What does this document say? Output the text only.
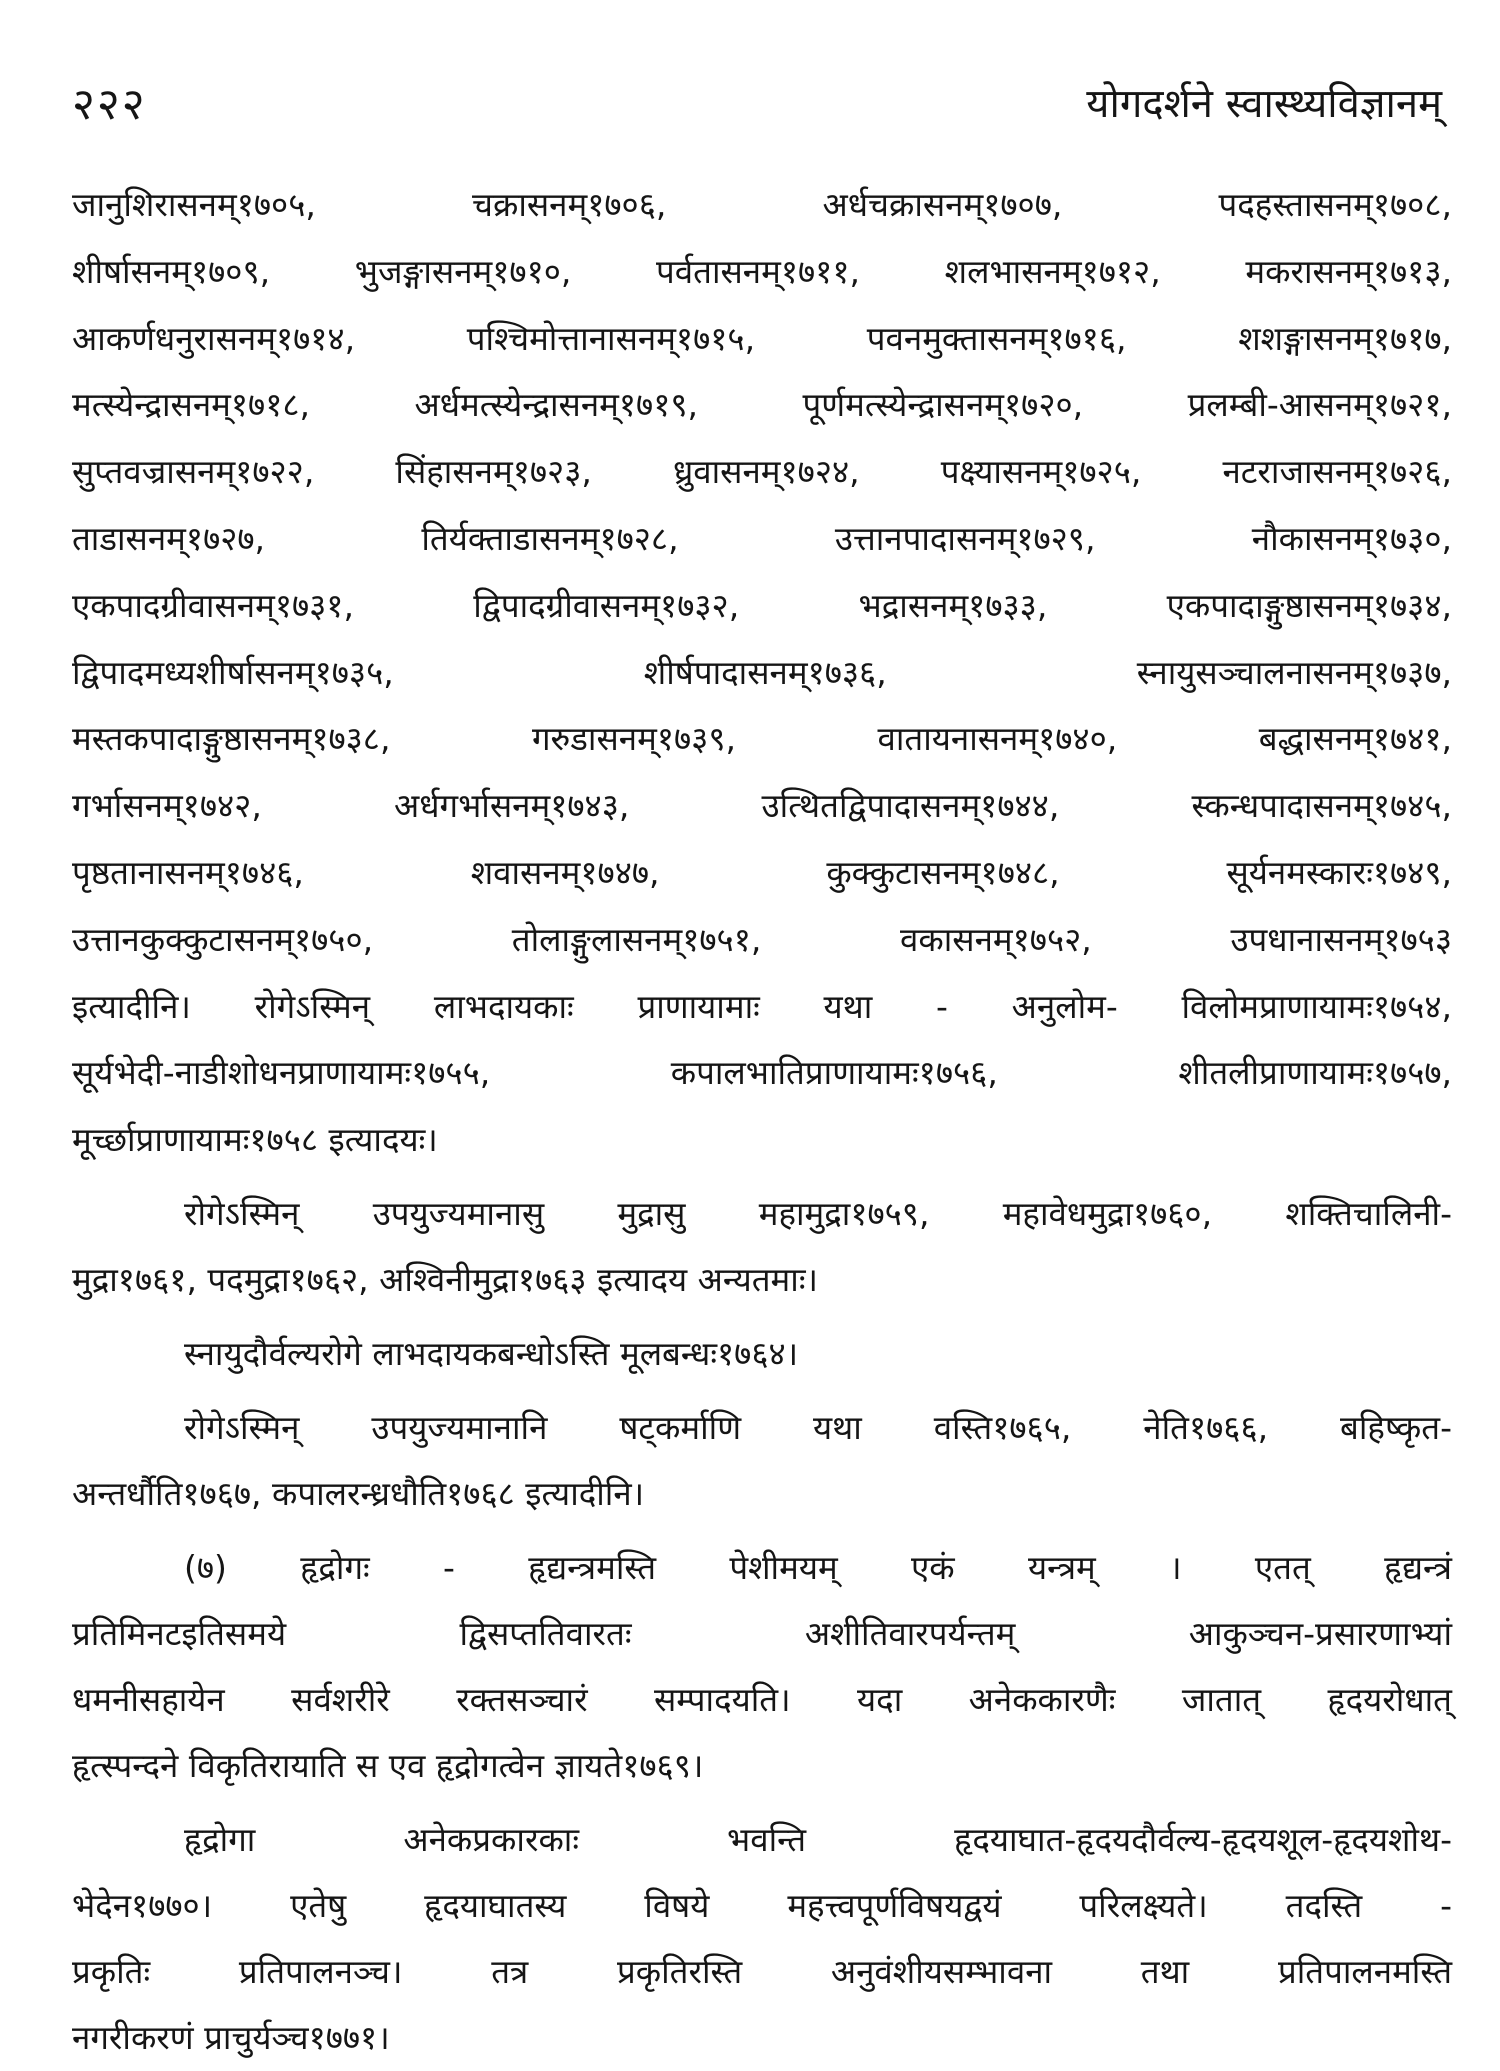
२२२	योगदर्शने स्वास्थ्यविज्ञानम्
जानुशिरासनम्१७०५, चक्रासनम्१७०६, अर्धचक्रासनम्१७०७, पदहस्तासनम्१७०८,
शीर्षासनम्१७०९, भुजङ्गासनम्१७१०, पर्वतासनम्१७११, शलभासनम्१७१२, मकरासनम्१७१३,
आकर्णधनुरासनम्१७१४, पश्चिमोत्तानासनम्१७१५, पवनमुक्तासनम्१७१६, शशङ्गासनम्१७१७,
मत्स्येन्द्रासनम्१७१८, अर्धमत्स्येन्द्रासनम्१७१९, पूर्णमत्स्येन्द्रासनम्१७२०, प्रलम्बी-आसनम्१७२१,
सुप्तवज्रासनम्१७२२, सिंहासनम्१७२३, ध्रुवासनम्१७२४, पक्ष्यासनम्१७२५, नटराजासनम्१७२६,
ताडासनम्१७२७, तिर्यक्ताडासनम्१७२८, उत्तानपादासनम्१७२९, नौकासनम्१७३०,
एकपादग्रीवासनम्१७३१, द्विपादग्रीवासनम्१७३२, भद्रासनम्१७३३, एकपादाङ्गुष्ठासनम्१७३४,
द्विपादमध्यशीर्षासनम्१७३५, शीर्षपादासनम्१७३६, स्नायुसञ्चालनासनम्१७३७,
मस्तकपादाङ्गुष्ठासनम्१७३८, गरुडासनम्१७३९, वातायनासनम्१७४०, बद्धासनम्१७४१,
गर्भासनम्१७४२, अर्धगर्भासनम्१७४३, उत्थितद्विपादासनम्१७४४, स्कन्धपादासनम्१७४५,
पृष्ठतानासनम्१७४६, शवासनम्१७४७, कुक्कुटासनम्१७४८, सूर्यनमस्कारः१७४९,
उत्तानकुक्कुटासनम्१७५०, तोलाङ्गुलासनम्१७५१, वकासनम्१७५२, उपधानासनम्१७५३
इत्यादीनि। रोगेऽस्मिन् लाभदायकाः प्राणायामाः यथा - अनुलोम- विलोमप्राणायामः१७५४,
सूर्यभेदी-नाडीशोधनप्राणायामः१७५५, कपालभातिप्राणायामः१७५६, शीतलीप्राणायामः१७५७,
मूर्च्छाप्राणायामः१७५८ इत्यादयः।
रोगेऽस्मिन् उपयुज्यमानासु मुद्रासु महामुद्रा१७५९, महावेधमुद्रा१७६०, शक्तिचालिनी-
मुद्रा१७६१, पदमुद्रा१७६२, अश्विनीमुद्रा१७६३ इत्यादय अन्यतमाः।
स्नायुदौर्वल्यरोगे लाभदायकबन्धोऽस्ति मूलबन्धः१७६४।
रोगेऽस्मिन् उपयुज्यमानानि षट्कर्माणि यथा वस्ति१७६५, नेति१७६६, बहिष्कृत-
अन्तर्धौति१७६७, कपालरन्ध्रधौति१७६८ इत्यादीनि।
(७) हृद्रोगः - हृद्यन्त्रमस्ति पेशीमयम् एकं यन्त्रम् । एतत् हृद्यन्त्रं
प्रतिमिनटइतिसमये द्विसप्ततिवारतः अशीतिवारपर्यन्तम् आकुञ्चन-प्रसारणाभ्यां
धमनीसहायेन सर्वशरीरे रक्तसञ्चारं सम्पादयति। यदा अनेककारणैः जातात् हृदयरोधात्
हृत्स्पन्दने विकृतिरायाति स एव हृद्रोगत्वेन ज्ञायते१७६९।
हृद्रोगा अनेकप्रकारकाः भवन्ति हृदयाघात-हृदयदौर्वल्य-हृदयशूल-हृदयशोथ-
भेदेन१७७०। एतेषु हृदयाघातस्य विषये महत्त्वपूर्णविषयद्वयं परिलक्ष्यते। तदस्ति -
प्रकृतिः प्रतिपालनञ्च। तत्र प्रकृतिरस्ति अनुवंशीयसम्भावना तथा प्रतिपालनमस्ति
नगरीकरणं प्राचुर्यञ्च१७७१।
